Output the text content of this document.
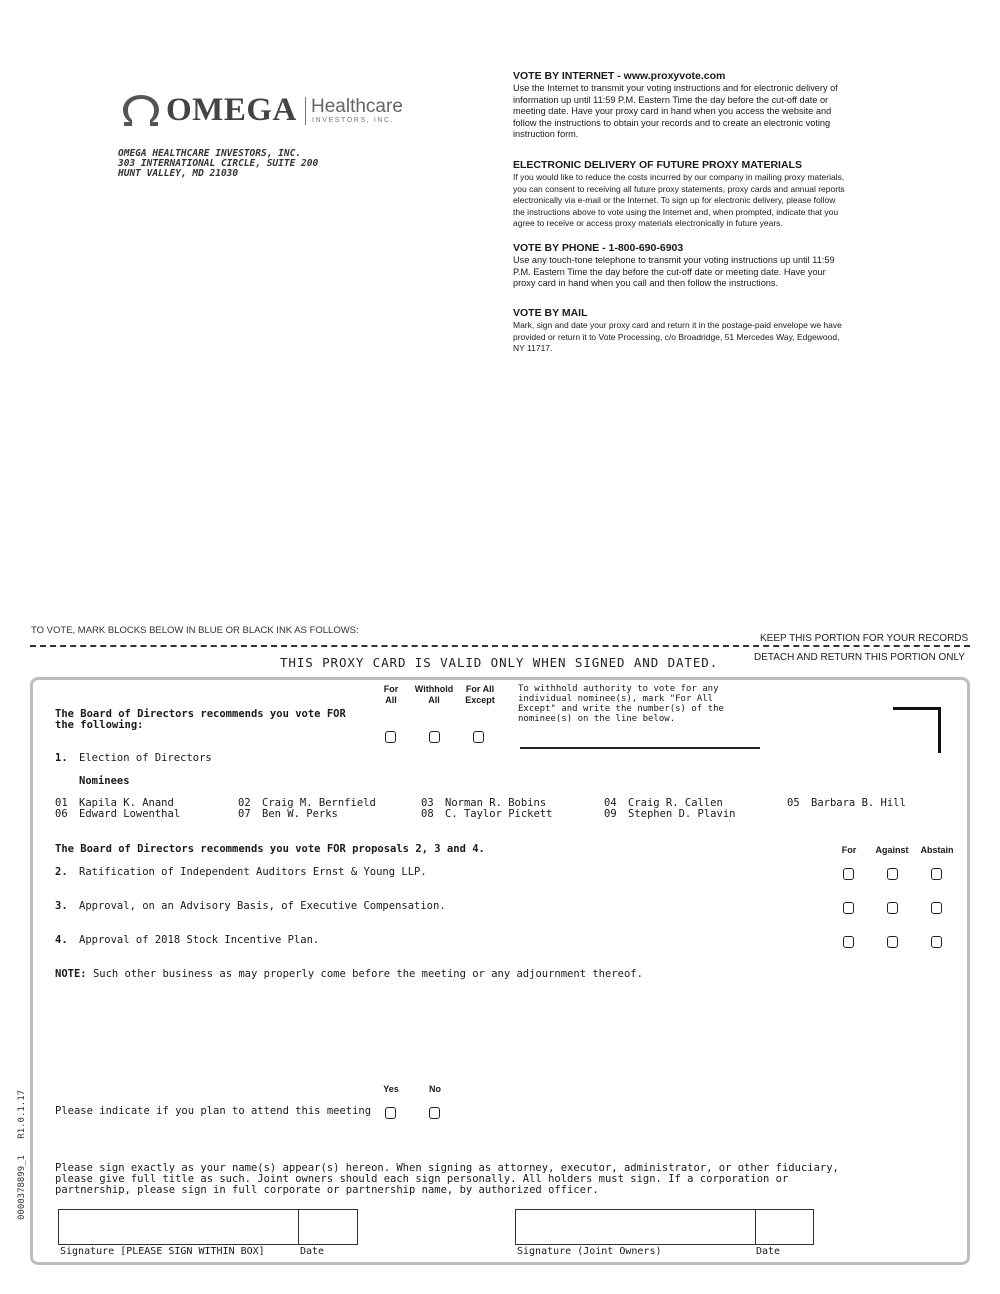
OMEGA Healthcare
INVESTORS, INC.
OMEGA HEALTHCARE INVESTORS, INC.
303 INTERNATIONAL CIRCLE, SUITE 200
HUNT VALLEY, MD 21030
VOTE BY INTERNET - www.proxyvote.com
Use the Internet to transmit your voting instructions and for electronic delivery of
information up until 11:59 P.M. Eastern Time the day before the cut-off date or
meeting date. Have your proxy card in hand when you access the website and
follow the instructions to obtain your records and to create an electronic voting
instruction form.
ELECTRONIC DELIVERY OF FUTURE PROXY MATERIALS
If you would like to reduce the costs incurred by our company in mailing proxy materials,
you can consent to receiving all future proxy statements, proxy cards and annual reports
electronically via e-mail or the Internet. To sign up for electronic delivery, please follow
the instructions above to vote using the Internet and, when prompted, indicate that you
agree to receive or access proxy materials electronically in future years.
VOTE BY PHONE - 1-800-690-6903
Use any touch-tone telephone to transmit your voting instructions up until 11:59
P.M. Eastern Time the day before the cut-off date or meeting date. Have your
proxy card in hand when you call and then follow the instructions.
VOTE BY MAIL
Mark, sign and date your proxy card and return it in the postage-paid envelope we have
provided or return it to Vote Processing, c/o Broadridge, 51 Mercedes Way, Edgewood,
NY 11717.
TO VOTE, MARK BLOCKS BELOW IN BLUE OR BLACK INK AS FOLLOWS:
KEEP THIS PORTION FOR YOUR RECORDS
THIS PROXY CARD IS VALID ONLY WHEN SIGNED AND DATED.	DETACH AND RETURN THIS PORTION ONLY
For
All
Withhold
All
For All
Except
To withhold authority to vote for any
individual nominee(s), mark "For All
Except" and write the number(s) of the
nominee(s) on the line below.
The Board of Directors recommends you vote FOR
the following:
1. Election of Directors
Nominees
01 Kapila K. Anand	02 Craig M. Bernfield	03 Norman R. Bobins	04 Craig R. Callen	05 Barbara B. Hill
06 Edward Lowenthal	07 Ben W. Perks	08 C. Taylor Pickett	09 Stephen D. Plavin
The Board of Directors recommends you vote FOR proposals 2, 3 and 4.	For	Against	Abstain
2. Ratification of Independent Auditors Ernst & Young LLP.
3. Approval, on an Advisory Basis, of Executive Compensation.
4. Approval of 2018 Stock Incentive Plan.
NOTE: Such other business as may properly come before the meeting or any adjournment thereof.
Yes	No
Please indicate if you plan to attend this meeting
Please sign exactly as your name(s) appear(s) hereon. When signing as attorney, executor, administrator, or other fiduciary,
please give full title as such. Joint owners should each sign personally. All holders must sign. If a corporation or
partnership, please sign in full corporate or partnership name, by authorized officer.
Signature [PLEASE SIGN WITHIN BOX]	Date	Signature (Joint Owners)	Date
0000378899_1   R1.0.1.17
